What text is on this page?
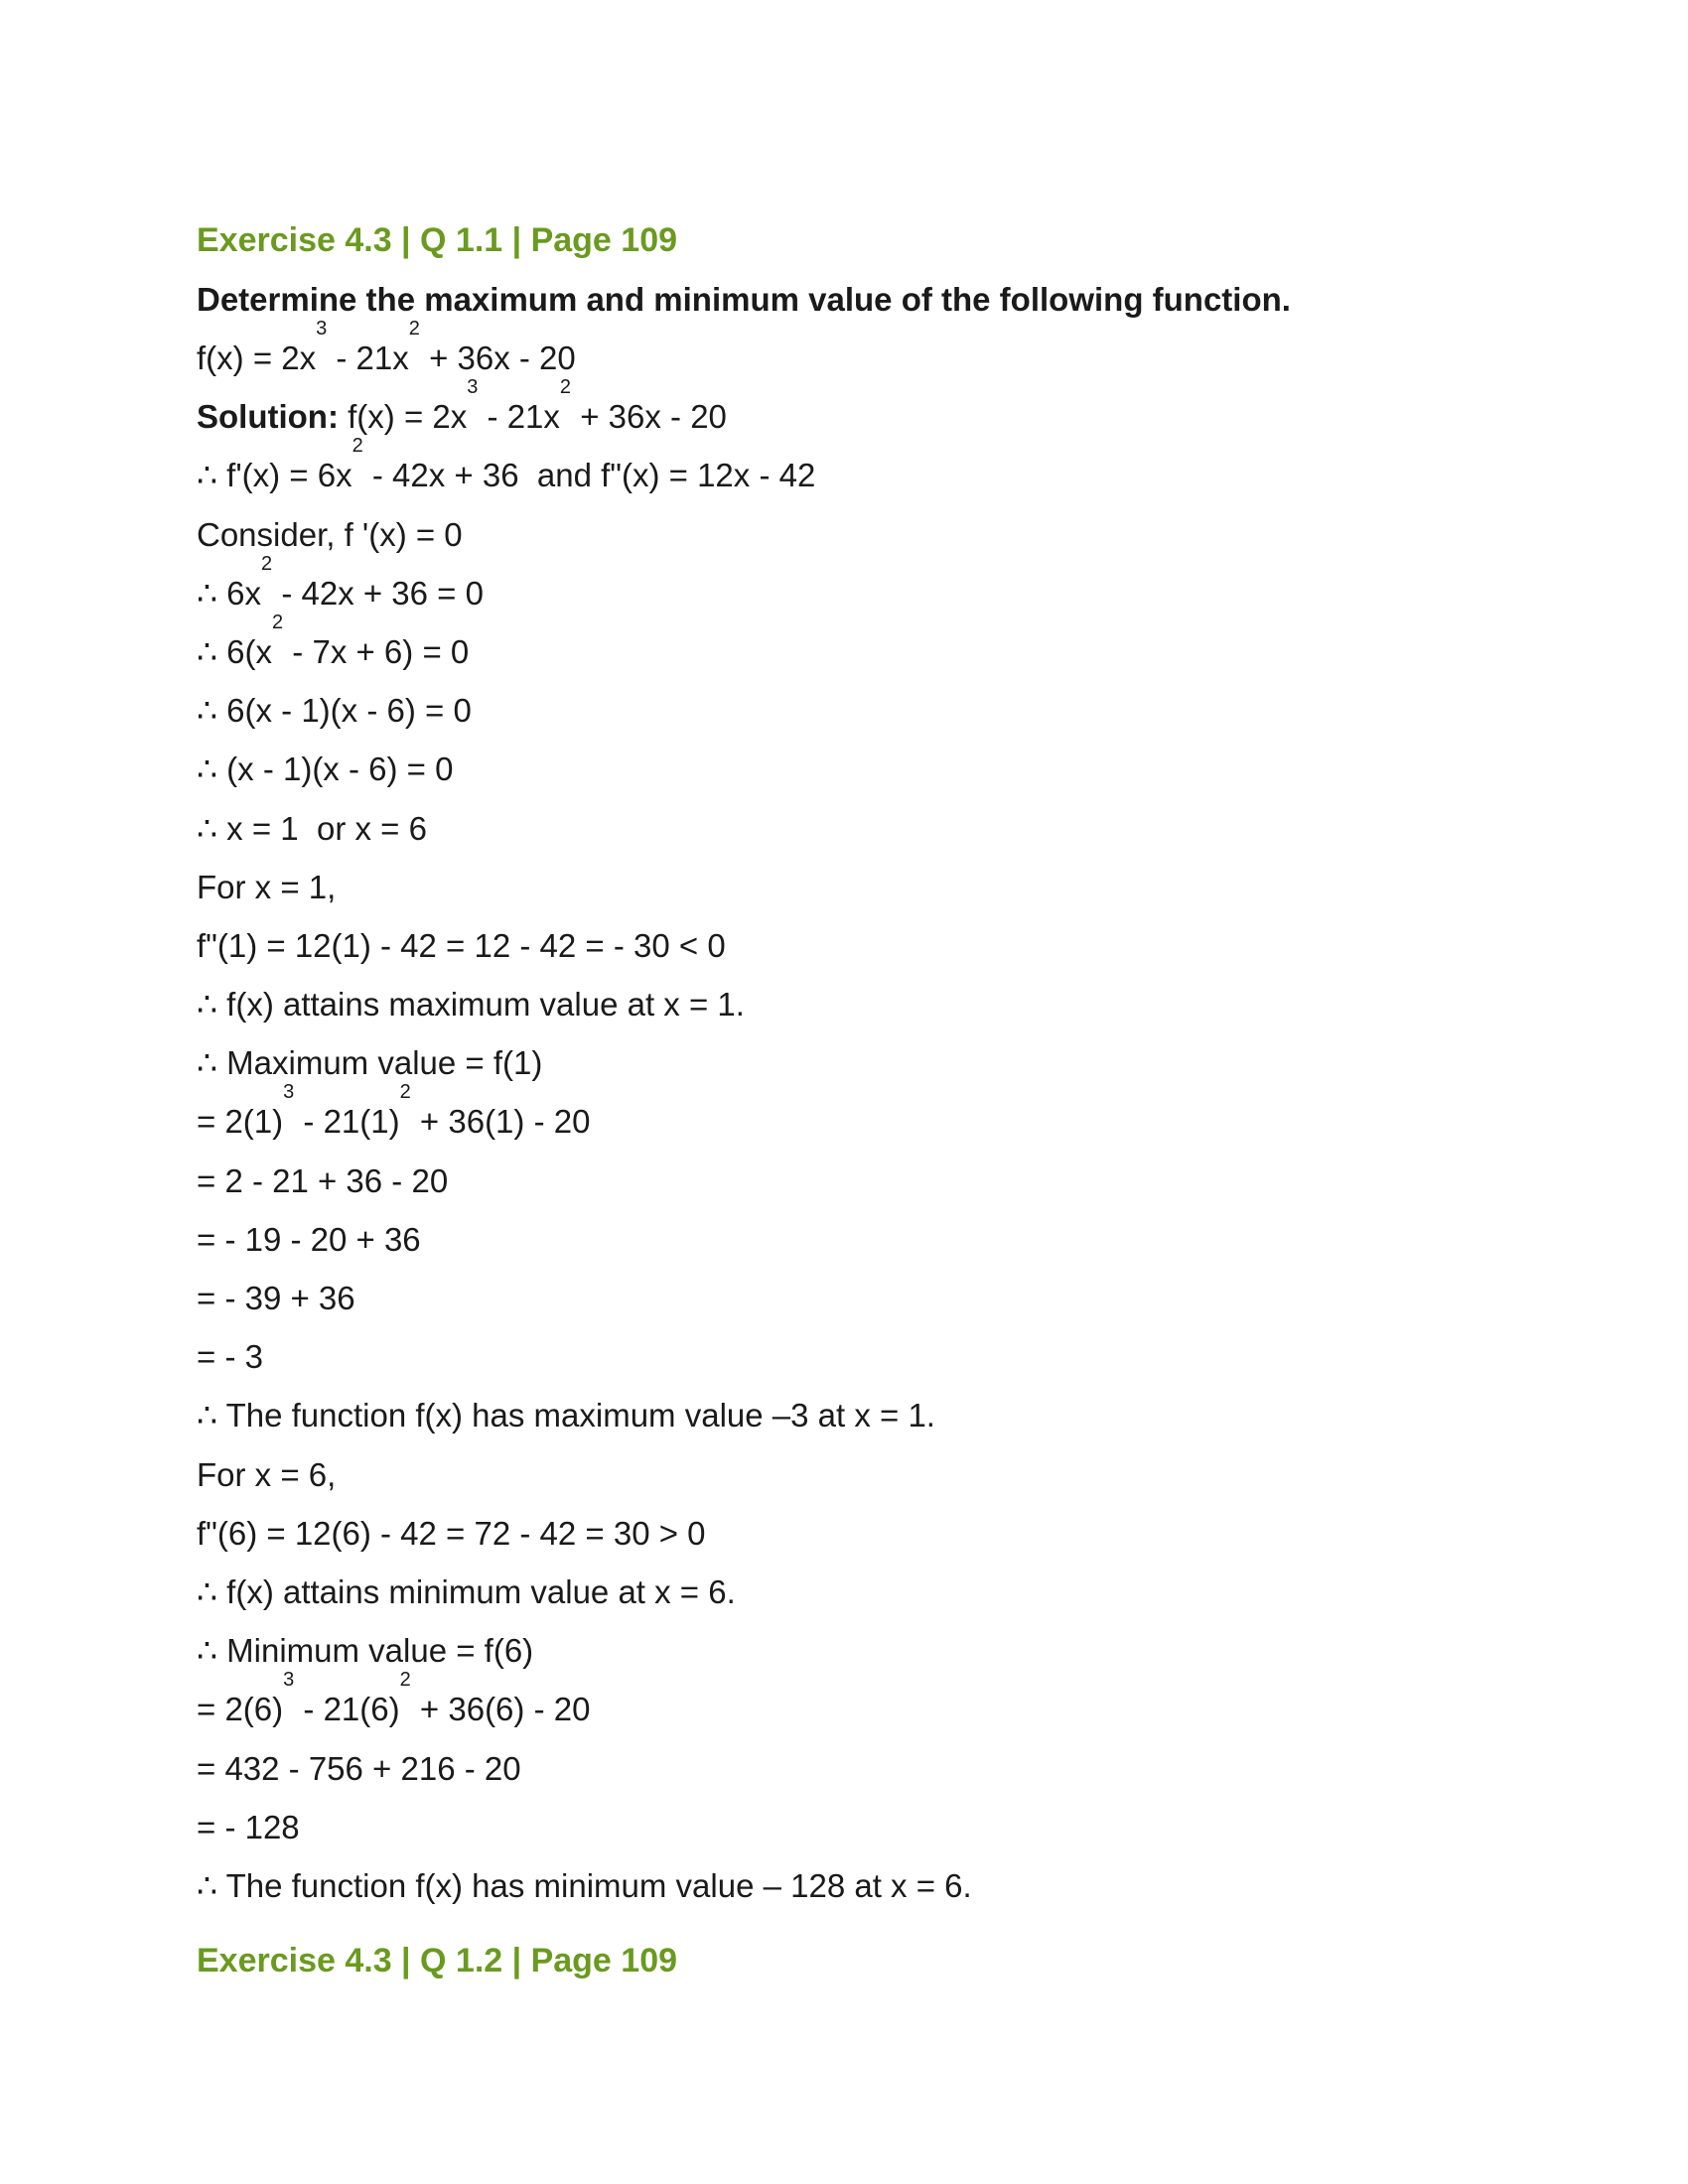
Exercise 4.3 | Q 1.1 | Page 109
Determine the maximum and minimum value of the following function.
$f(x) = 2x^3 - 21x^2 + 36x - 20$
Solution: $f(x) = 2x^3 - 21x^2 + 36x - 20$
∴ $f'(x) = 6x^2 - 42x + 36$  and f"(x) = 12x - 42
Consider, f '(x) = 0
∴ $6x^2 - 42x + 36 = 0$
∴ $6(x^2 - 7x + 6) = 0$
∴ 6(x - 1)(x - 6) = 0
∴ (x - 1)(x - 6) = 0
∴ x = 1  or x = 6
For x = 1,
f"(1) = 12(1) - 42 = 12 - 42 = - 30 < 0
∴ f(x) attains maximum value at x = 1.
∴ Maximum value = f(1)
= $2(1)^3 - 21(1)^2 + 36(1) - 20$
= 2 - 21 + 36 - 20
= - 19 - 20 + 36
= - 39 + 36
= - 3
∴ The function f(x) has maximum value –3 at x = 1.
For x = 6,
f"(6) = 12(6) - 42 = 72 - 42 = 30 > 0
∴ f(x) attains minimum value at x = 6.
∴ Minimum value = f(6)
= $2(6)^3 - 21(6)^2 + 36(6) - 20$
= 432 - 756 + 216 - 20
= - 128
∴ The function f(x) has minimum value – 128 at x = 6.
Exercise 4.3 | Q 1.2 | Page 109
